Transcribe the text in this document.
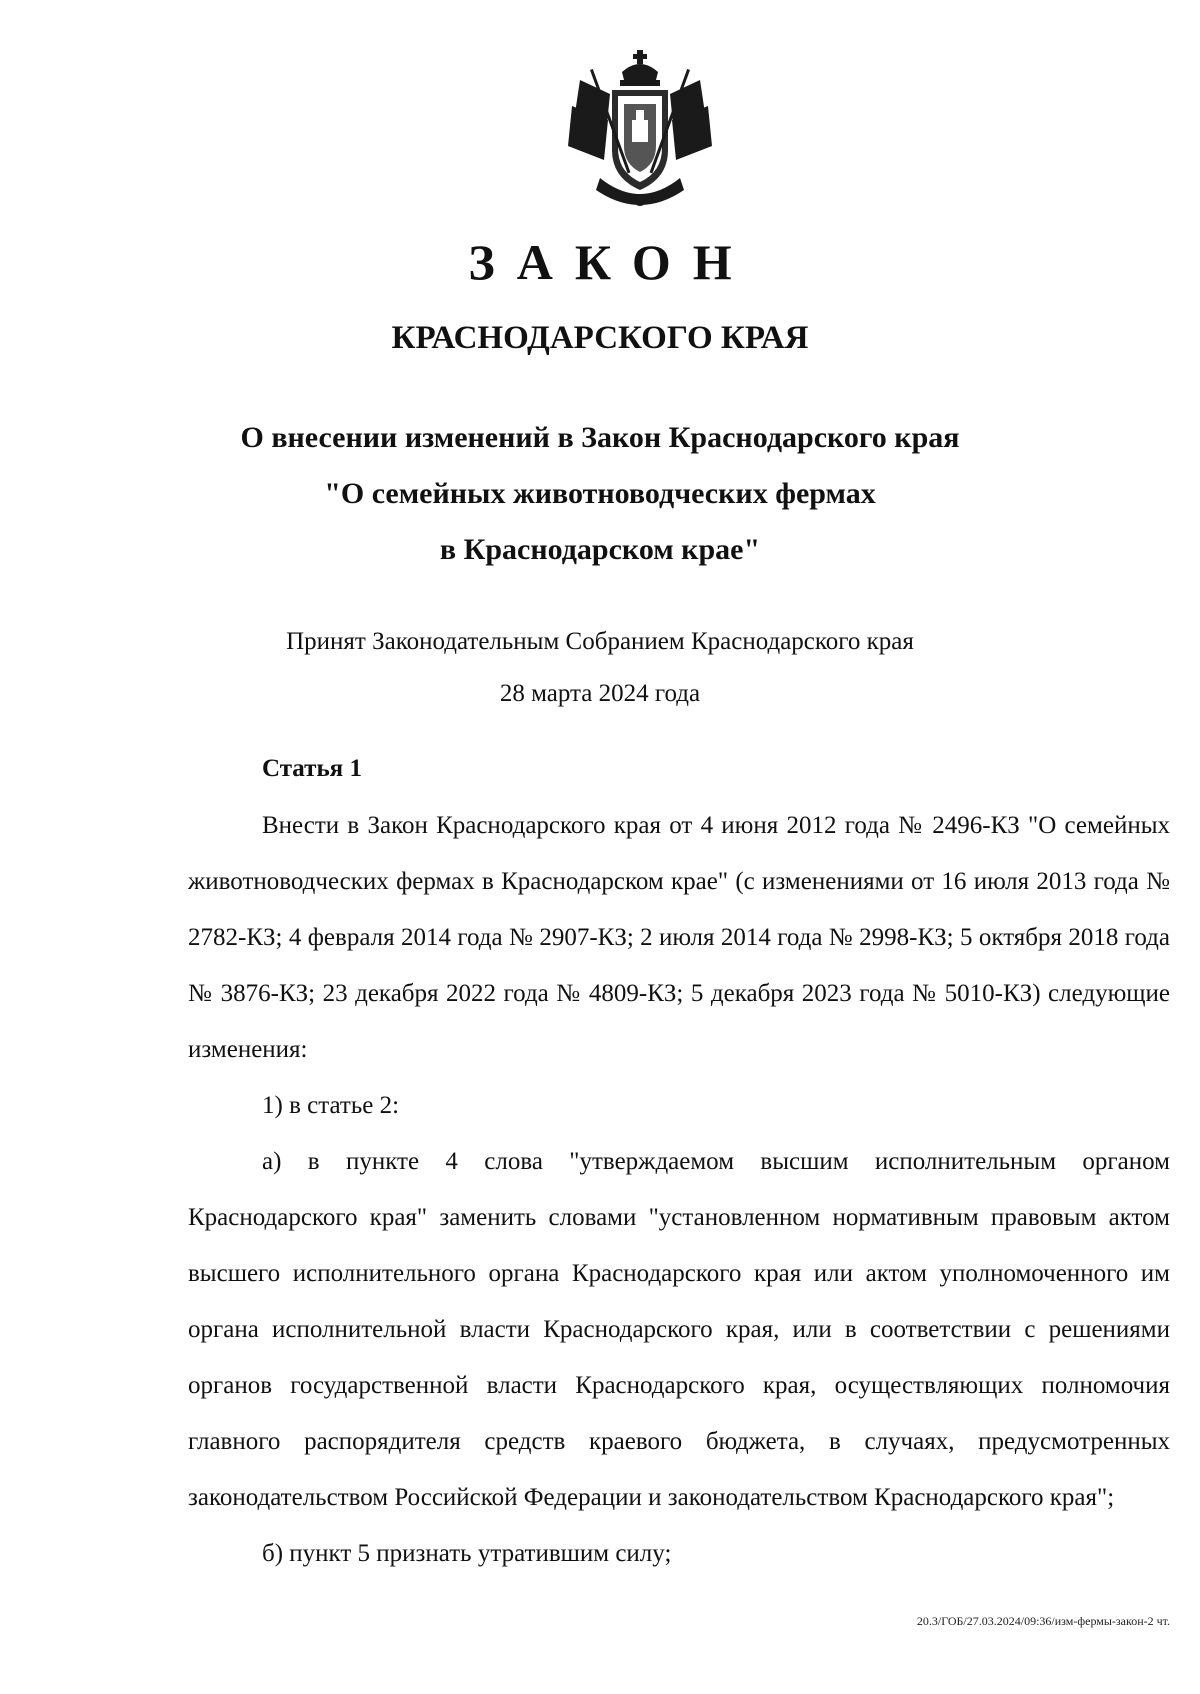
ЗАКОН
КРАСНОДАРСКОГО КРАЯ
О внесении изменений в Закон Краснодарского края
"О семейных животноводческих фермах
в Краснодарском крае"
Принят Законодательным Собранием Краснодарского края
28 марта 2024 года
Статья 1

Внести в Закон Краснодарского края от 4 июня 2012 года № 2496-КЗ "О семейных животноводческих фермах в Краснодарском крае" (с изменениями от 16 июля 2013 года № 2782-КЗ; 4 февраля 2014 года № 2907-КЗ; 2 июля 2014 года № 2998-КЗ; 5 октября 2018 года № 3876-КЗ; 23 декабря 2022 года № 4809-КЗ; 5 декабря 2023 года № 5010-КЗ) следующие изменения:

1) в статье 2:

а) в пункте 4 слова "утверждаемом высшим исполнительным органом Краснодарского края" заменить словами "установленном нормативным правовым актом высшего исполнительного органа Краснодарского края или актом уполномоченного им органа исполнительной власти Краснодарского края, или в соответствии с решениями органов государственной власти Краснодарского края, осуществляющих полномочия главного распорядителя средств краевого бюджета, в случаях, предусмотренных законодательством Российской Федерации и законодательством Краснодарского края";

б) пункт 5 признать утратившим силу;

20.3/ГОБ/27.03.2024/09:36/изм-фермы-закон-2 чт.
